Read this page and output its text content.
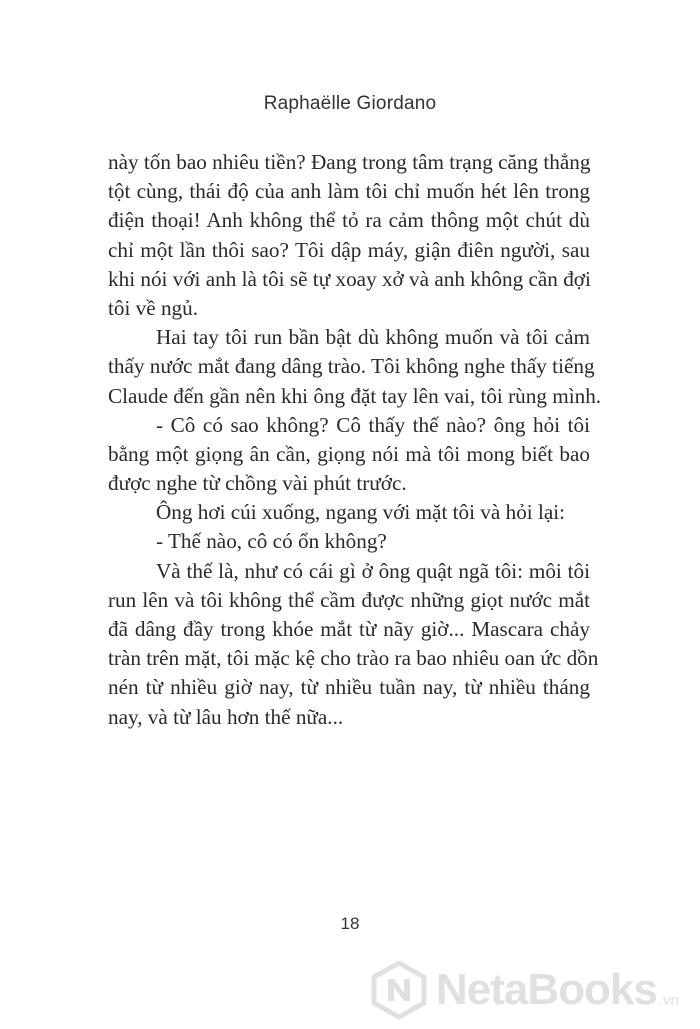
Raphaëlle Giordano
này tốn bao nhiêu tiền? Đang trong tâm trạng căng thẳng
tột cùng, thái độ của anh làm tôi chỉ muốn hét lên trong
điện thoại! Anh không thể tỏ ra cảm thông một chút dù
chỉ một lần thôi sao? Tôi dập máy, giận điên người, sau
khi nói với anh là tôi sẽ tự xoay xở và anh không cần đợi
tôi về ngủ.
Hai tay tôi run bần bật dù không muốn và tôi cảm
thấy nước mắt đang dâng trào. Tôi không nghe thấy tiếng
Claude đến gần nên khi ông đặt tay lên vai, tôi rùng mình.
- Cô có sao không? Cô thấy thế nào? ông hỏi tôi
bằng một giọng ân cần, giọng nói mà tôi mong biết bao
được nghe từ chồng vài phút trước.
Ông hơi cúi xuống, ngang với mặt tôi và hỏi lại:
- Thế nào, cô có ổn không?
Và thế là, như có cái gì ở ông quật ngã tôi: môi tôi
run lên và tôi không thể cầm được những giọt nước mắt
đã dâng đầy trong khóe mắt từ nãy giờ... Mascara chảy
tràn trên mặt, tôi mặc kệ cho trào ra bao nhiêu oan ức dồn
nén từ nhiều giờ nay, từ nhiều tuần nay, từ nhiều tháng
nay, và từ lâu hơn thế nữa...
18
NetaBooks .vn
